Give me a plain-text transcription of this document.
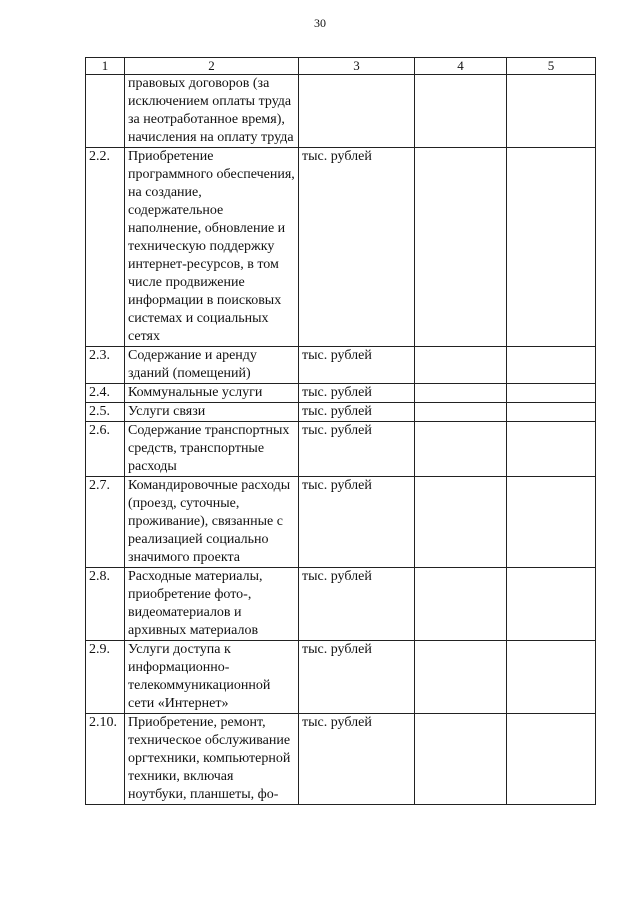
30
1	2	3	4	5
	правовых договоров (за исключением оплаты труда за неотработанное время), начисления на оплату труда			
2.2.	Приобретение программного обеспечения, на создание, содержательное наполнение, обновление и техническую поддержку интернет-ресурсов, в том числе продвижение информации в поисковых системах и социальных сетях	тыс. рублей		
2.3.	Содержание и аренду зданий (помещений)	тыс. рублей		
2.4.	Коммунальные услуги	тыс. рублей		
2.5.	Услуги связи	тыс. рублей		
2.6.	Содержание транспортных средств, транспортные расходы	тыс. рублей		
2.7.	Командировочные расходы (проезд, суточные, проживание), связанные с реализацией социально значимого проекта	тыс. рублей		
2.8.	Расходные материалы, приобретение фото-, видеоматериалов и архивных материалов	тыс. рублей		
2.9.	Услуги доступа к информационно-телекоммуникационной сети «Интернет»	тыс. рублей		
2.10.	Приобретение, ремонт, техническое обслуживание оргтехники, компьютерной техники, включая ноутбуки, планшеты, фо-	тыс. рублей		
